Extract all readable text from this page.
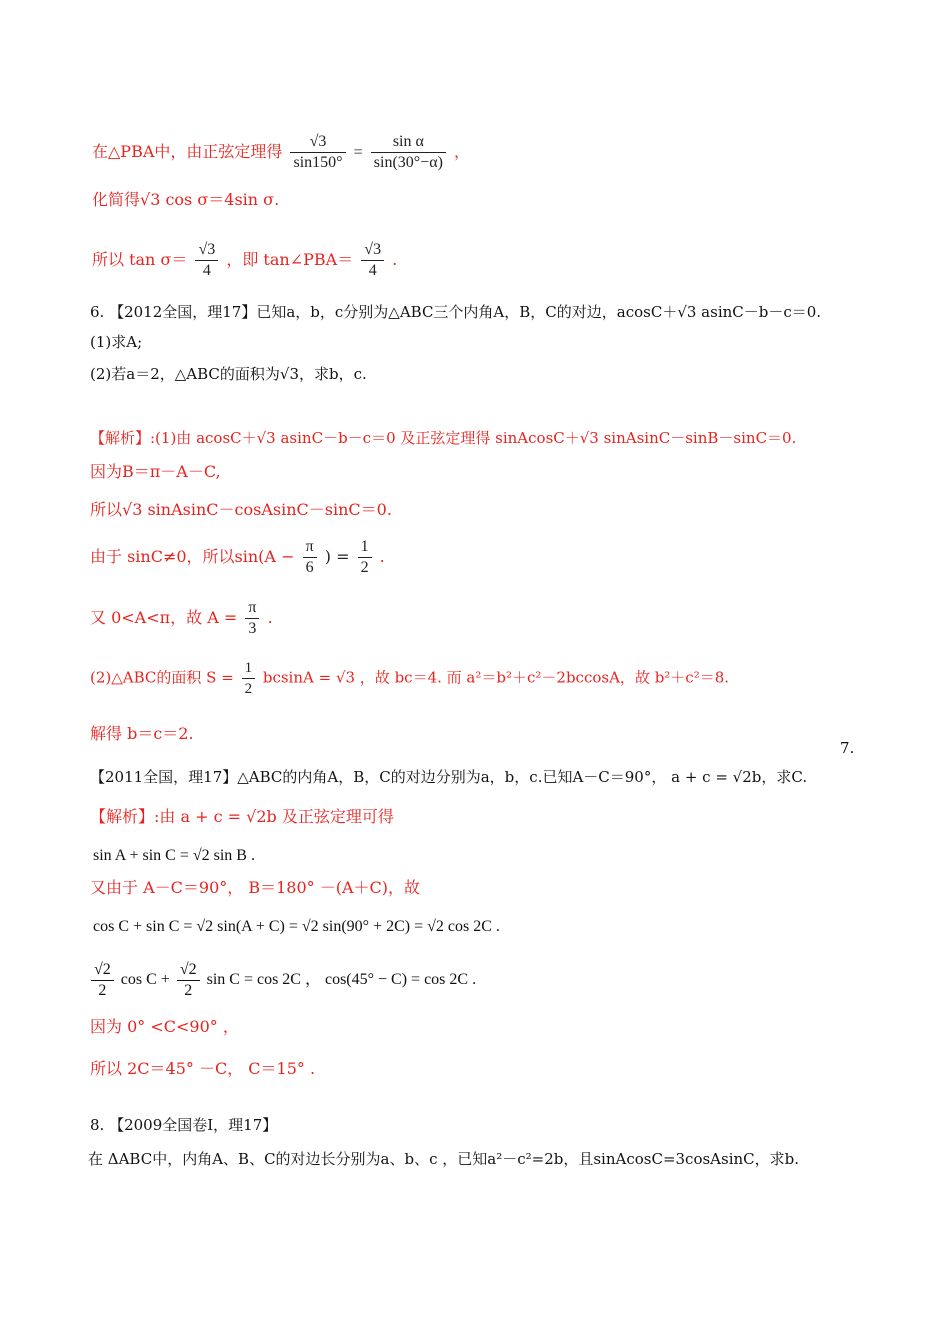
在△PBA中，由正弦定理得 $\frac{√3}{\sin 150^\circ} = \frac{\text{sin α}}{\sin(30^\circ-\alpha)}$ ，
化简得√3 cos σ＝4sin σ.
所以 $\tan \sigma= \frac{√3}{4}$ ，即 tan∠PBA＝ $\frac{√3}{4}$ .
6. 【2012全国，理17】已知a，b，c分别为△ABC三个内角A，B，C的对边，acosC＋√3 asinC－b－c＝0.
(1)求A;
(2)若a＝2，△ABC的面积为√3，求b，c.
【解析】:(1)由 acosC＋√3 asinC－b－c＝0 及正弦定理得 sinAcosC＋√3 sinAsinC－sinB－sinC＝0.
因为B＝π－A－C,
所以√3 sinAsinC－cosAsinC－sinC＝0.
由于 sinC≠0，所以$\sin(A - \frac{\pi}{6}$ ) = $\frac{1}{2}$ .
又 0<A<π，故 $A = \frac{\pi}{3}$ .
(2)△ABC的面积 $S = \frac{1}{2}$ bcsinA = √3 ，故 bc＝4. 而 a²＝b²＋c²－2bccosA，故 b²＋c²＝8.
解得 b＝c＝2.
7.
【2011全国，理17】△ABC的内角A，B，C的对边分别为a，b，c.已知A－C＝90°， a + c = √2b，求C.
【解析】:由 a + c = √2b 及正弦定理可得
sin A + sin C = √2 sin B .
又由于 A－C＝90°， B＝180° －(A＋C)，故
cos C + sin C = √2 sin(A + C) = √2 sin(90° + 2C) = √2 cos 2C .
$\frac{√2}{2}$ $\cos C + \frac{√2}{2}$ sin C = cos 2C ， cos(45° − C) = cos 2C .
因为 0° <C<90° ，
所以 2C＝45° －C， C＝15° .
8. 【2009全国卷Ⅰ，理17】
在 ΔABC中，内角A、B、C的对边长分别为a、b、c ，已知a²－c²=2b，且sinAcosC=3cosAsinC，求b.
